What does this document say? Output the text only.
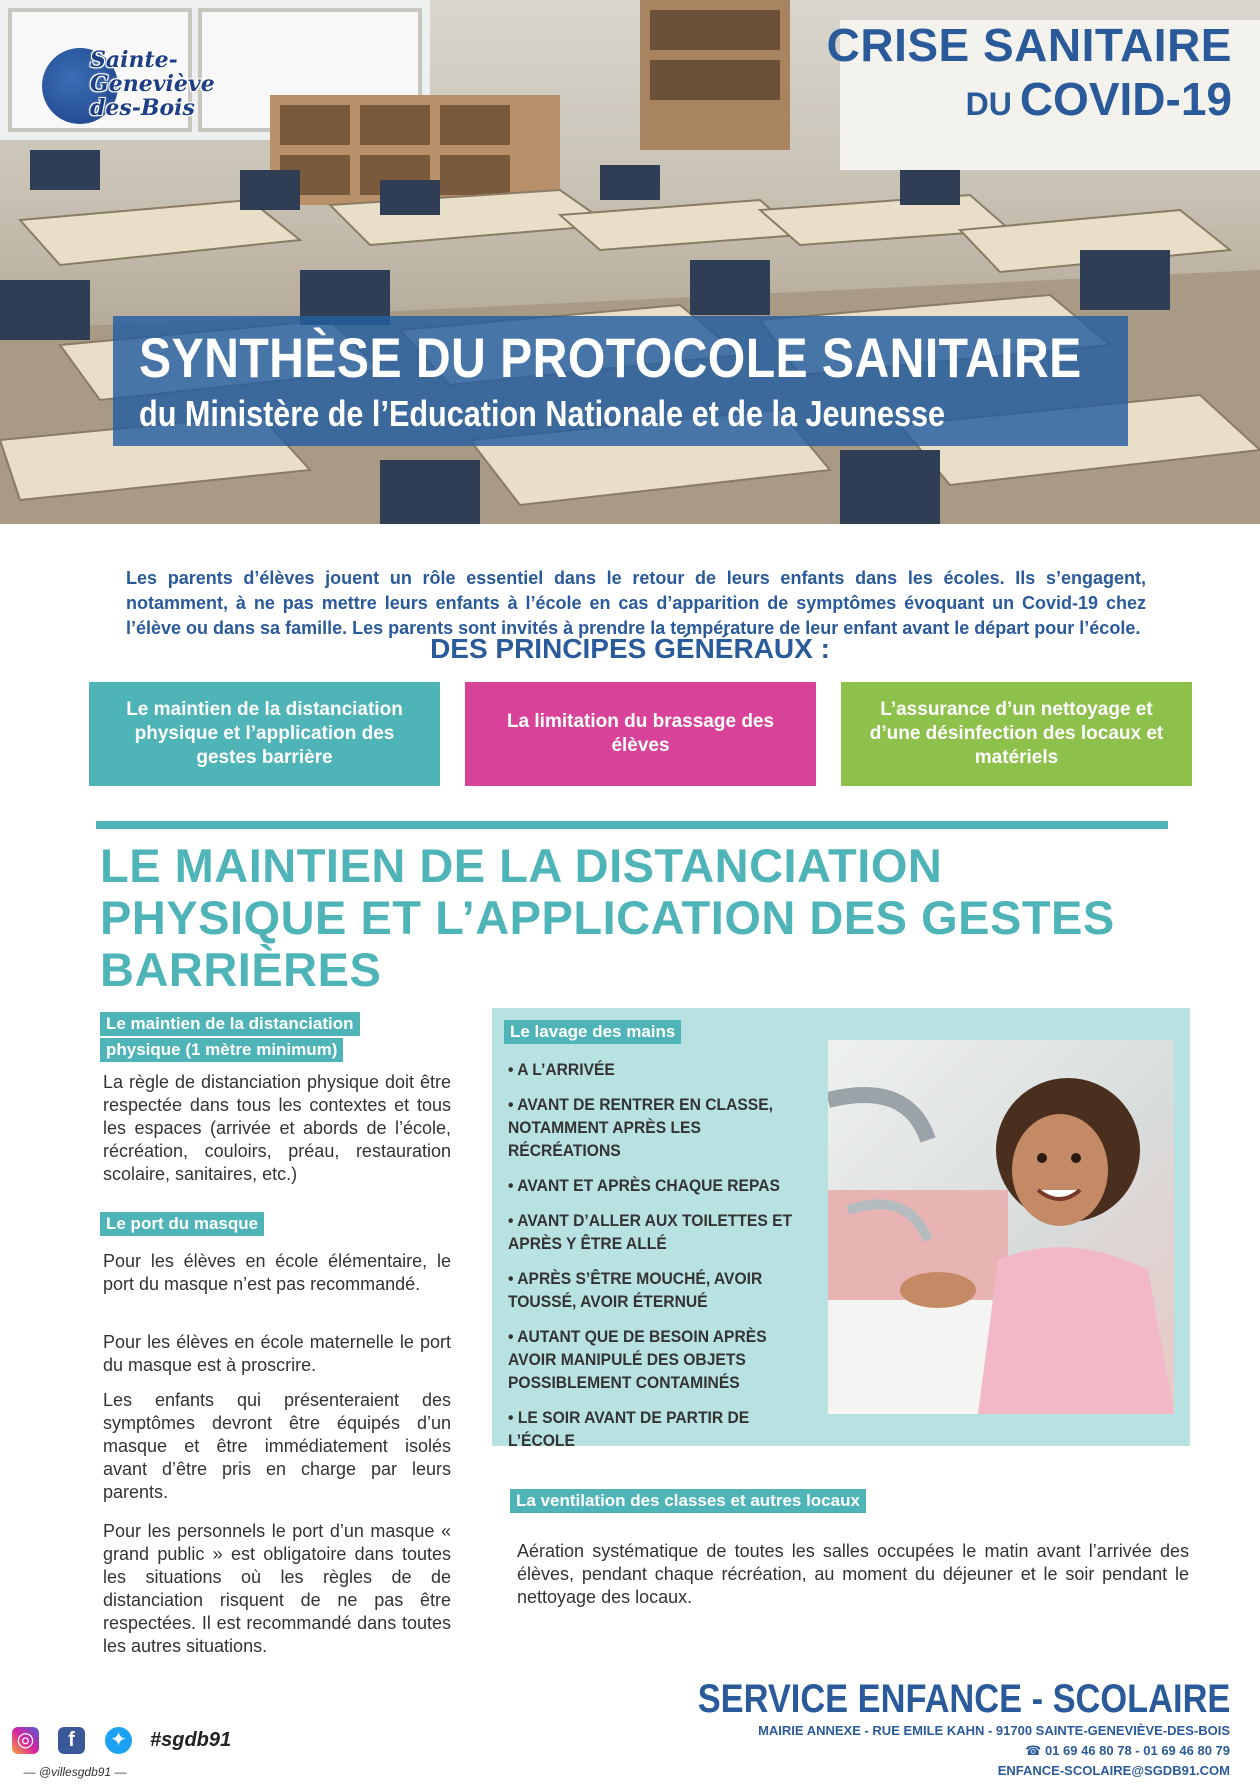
Sainte-
Geneviève
des-Bois
CRISE SANITAIRE
DU COVID-19
SYNTHÈSE DU PROTOCOLE SANITAIRE
du Ministère de l’Education Nationale et de la Jeunesse

Les parents d’élèves jouent un rôle essentiel dans le retour de leurs enfants dans les écoles. Ils s’engagent, notamment, à ne pas mettre leurs enfants à l’école en cas d’apparition de symptômes évoquant un Covid-19 chez l’élève ou dans sa famille. Les parents sont invités à prendre la température de leur enfant avant le départ pour l’école.

DES PRINCIPES GÉNÉRAUX :
Le maintien de la distanciation physique et l’application des gestes barrière
La limitation du brassage des élèves
L’assurance d’un nettoyage et d’une désinfection des locaux et matériels
LE MAINTIEN DE LA DISTANCIATION PHYSIQUE ET L’APPLICATION DES GESTES BARRIÈRES
Le maintien de la distanciation
physique (1 mètre minimum)

La règle de distanciation physique doit être respectée dans tous les contextes et tous les espaces (arrivée et abords de l’école, récréation, couloirs, préau, restauration scolaire, sanitaires, etc.)

Le port du masque

Pour les élèves en école élémentaire, le port du masque n’est pas recommandé.

Pour les élèves en école maternelle le port du masque est à proscrire.

Les enfants qui présenteraient des symptômes devront être équipés d’un masque et être immédiatement isolés avant d’être pris en charge par leurs parents.

Pour les personnels le port d’un masque « grand public » est obligatoire dans toutes les situations où les règles de de distanciation risquent de ne pas être respectées. Il est recommandé dans toutes les autres situations.

Le lavage des mains
• A L’ARRIVÉE
• AVANT DE RENTRER EN CLASSE, NOTAMMENT APRÈS LES RÉCRÉATIONS
• AVANT ET APRÈS CHAQUE REPAS
• AVANT D’ALLER AUX TOILETTES ET APRÈS Y ÊTRE ALLÉ
• APRÈS S’ÊTRE MOUCHÉ, AVOIR TOUSSÉ, AVOIR ÉTERNUÉ
• AUTANT QUE DE BESOIN APRÈS AVOIR MANIPULÉ DES OBJETS POSSIBLEMENT CONTAMINÉS
• LE SOIR AVANT DE PARTIR DE L’ÉCOLE
La ventilation des classes et autres locaux

Aération systématique de toutes les salles occupées le matin avant l’arrivée des élèves, pendant chaque récréation, au moment du déjeuner et le soir pendant le nettoyage des locaux.

◎	f	✦ #sgdb91
— @villesgdb91 —
SERVICE ENFANCE - SCOLAIRE
MAIRIE ANNEXE - RUE EMILE KAHN - 91700 SAINTE-GENEVIÈVE-DES-BOIS
☎ 01 69 46 80 78 - 01 69 46 80 79
ENFANCE-SCOLAIRE@SGDB91.COM
